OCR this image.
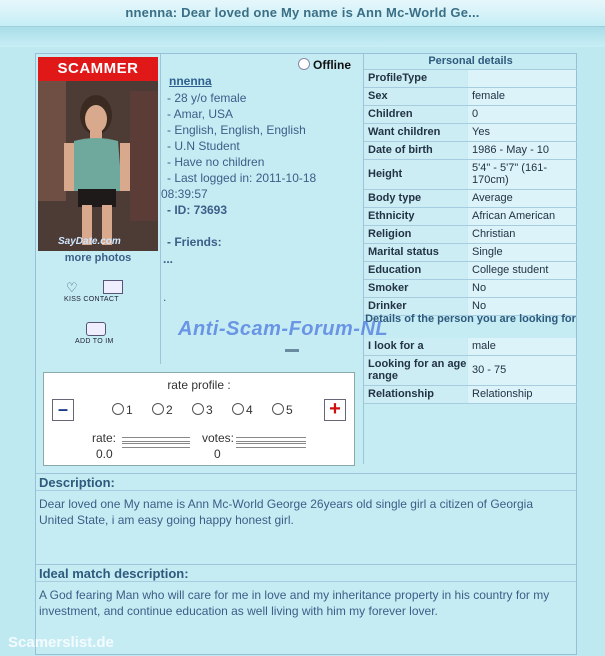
nnenna: Dear loved one My name is Ann Mc-World Ge...
SCAMMER
SayDate.com
more photos
♡
KISS CONTACT
ADD TO IM
nnenna
- 28 y/o female
- Amar, USA
- English, English, English
- U.N Student
- Have no children
- Last logged in: 2011-10-18
08:39:57
- ID: 73693
- Friends:
...
.
Offline	Personal details
ProfileType
Sex	female
Children	0
Want children	Yes
Date of birth	1986 - May - 10
Height	5'4" - 5'7" (161-170cm)
Body type	Average
Ethnicity	African American
Religion	Christian
Marital status	Single
Education	College student
Smoker	No
Drinker	No
Details of the person you are looking for
I look for a	male
Looking for an age range	30 - 75
Relationship	Relationship
rate profile :
–	+
1	2	3	4	5
rate:
0.0
votes:
0
Description:
Dear loved one My name is Ann Mc-World George 26years old single girl a citizen of Georgia United State, i am easy going happy honest girl.
Ideal match description:
A God fearing Man who will care for me in love and my inheritance property in his country for my investment, and continue education as well living with him my forever lover.
Anti-Scam-Forum-NL
Scamerslist.de
